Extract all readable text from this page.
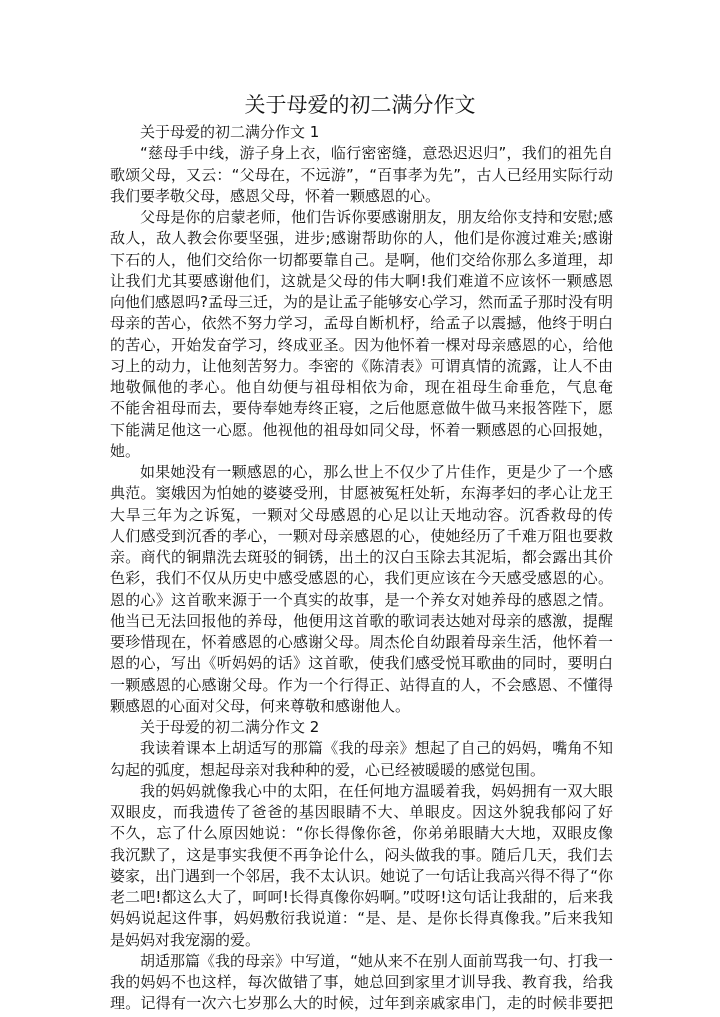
关于母爱的初二满分作文
关于母爱的初二满分作文 1
“慈母手中线，游子身上衣，临行密密缝，意恐迟迟归”，我们的祖先自
歌颂父母，又云：“父母在，不远游”，“百事孝为先”，古人已经用实际行动
我们要孝敬父母，感恩父母，怀着一颗感恩的心。
父母是你的启蒙老师，他们告诉你要感谢朋友，朋友给你支持和安慰;感
敌人，敌人教会你要坚强，进步;感谢帮助你的人，他们是你渡过难关;感谢
下石的人，他们交给你一切都要靠自己。是啊，他们交给你那么多道理，却
让我们尤其要感谢他们，这就是父母的伟大啊!我们难道不应该怀一颗感恩
向他们感恩吗?孟母三迁，为的是让孟子能够安心学习，然而孟子那时没有明
母亲的苦心，依然不努力学习，孟母自断机杼，给孟子以震撼，他终于明白
的苦心，开始发奋学习，终成亚圣。因为他怀着一棵对母亲感恩的心，给他
习上的动力，让他刻苦努力。李密的《陈清表》可谓真情的流露，让人不由
地敬佩他的孝心。他自幼便与祖母相依为命，现在祖母生命垂危，气息奄
不能舍祖母而去，要侍奉她寿终正寝，之后他愿意做牛做马来报答陛下，愿
下能满足他这一心愿。他视他的祖母如同父母，怀着一颗感恩的心回报她，
她。
如果她没有一颗感恩的心，那么世上不仅少了片佳作，更是少了一个感
典范。窦娥因为怕她的婆婆受刑，甘愿被冤枉处斩，东海孝妇的孝心让龙王
大旱三年为之诉冤，一颗对父母感恩的心足以让天地动容。沉香救母的传
人们感受到沉香的孝心，一颗对母亲感恩的心，使她经历了千难万阻也要救
亲。商代的铜鼎洗去斑驳的铜锈，出土的汉白玉除去其泥垢，都会露出其价
色彩，我们不仅从历史中感受感恩的心，我们更应该在今天感受感恩的心。
恩的心》这首歌来源于一个真实的故事，是一个养女对她养母的感恩之情。
他当已无法回报他的养母，他便用这首歌的歌词表达她对母亲的感激，提醒
要珍惜现在，怀着感恩的心感谢父母。周杰伦自幼跟着母亲生活，他怀着一
恩的心，写出《听妈妈的话》这首歌，使我们感受悦耳歌曲的同时，要明白
一颗感恩的心感谢父母。作为一个行得正、站得直的人，不会感恩、不懂得
颗感恩的心面对父母，何来尊敬和感谢他人。
关于母爱的初二满分作文 2
我读着课本上胡适写的那篇《我的母亲》想起了自己的妈妈，嘴角不知
勾起的弧度，想起母亲对我种种的爱，心已经被暖暖的感觉包围。
我的妈妈就像我心中的太阳，在任何地方温暖着我，妈妈拥有一双大眼
双眼皮，而我遗传了爸爸的基因眼睛不大、单眼皮。因这外貌我郁闷了好
不久，忘了什么原因她说：“你长得像你爸，你弟弟眼睛大大地，双眼皮像
我沉默了，这是事实我便不再争论什么，闷头做我的事。随后几天，我们去
婆家，出门遇到一个邻居，我不太认识。她说了一句话让我高兴得不得了“你
老二吧!都这么大了，呵呵!长得真像你妈啊。”哎呀!这句话让我甜的，后来我
妈妈说起这件事，妈妈敷衍我说道：“是、是、是你长得真像我。”后来我知
是妈妈对我宠溺的爱。
胡适那篇《我的母亲》中写道，“她从来不在别人面前骂我一句、打我一
我的妈妈不也这样，每次做错了事，她总回到家里才训导我、教育我，给我
理。记得有一次六七岁那么大的时候，过年到亲戚家串门，走的时候非要把
